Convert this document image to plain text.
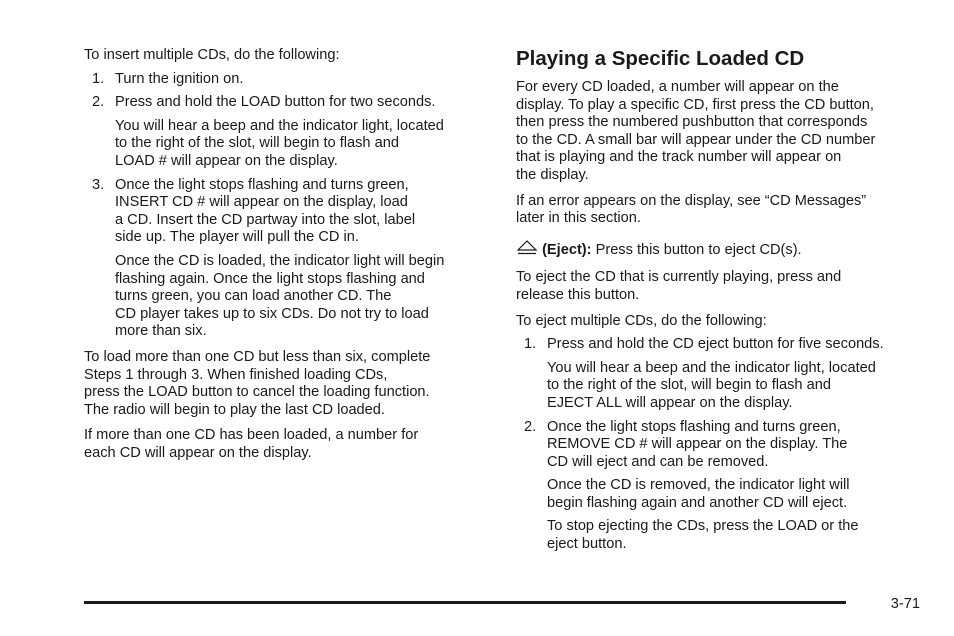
To insert multiple CDs, do the following:

1. Turn the ignition on.
2. Press and hold the LOAD button for two seconds.
You will hear a beep and the indicator light, located
to the right of the slot, will begin to flash and
LOAD # will appear on the display.
3. Once the light stops flashing and turns green,
INSERT CD # will appear on the display, load
a CD. Insert the CD partway into the slot, label
side up. The player will pull the CD in.
Once the CD is loaded, the indicator light will begin
flashing again. Once the light stops flashing and
turns green, you can load another CD. The
CD player takes up to six CDs. Do not try to load
more than six.
To load more than one CD but less than six, complete
Steps 1 through 3. When finished loading CDs,
press the LOAD button to cancel the loading function.
The radio will begin to play the last CD loaded.
If more than one CD has been loaded, a number for
each CD will appear on the display.
Playing a Specific Loaded CD
For every CD loaded, a number will appear on the
display. To play a specific CD, first press the CD button,
then press the numbered pushbutton that corresponds
to the CD. A small bar will appear under the CD number
that is playing and the track number will appear on
the display.
If an error appears on the display, see “CD Messages”
later in this section.
(Eject): Press this button to eject CD(s).
To eject the CD that is currently playing, press and
release this button.

To eject multiple CDs, do the following:

1. Press and hold the CD eject button for five seconds.
You will hear a beep and the indicator light, located
to the right of the slot, will begin to flash and
EJECT ALL will appear on the display.
2. Once the light stops flashing and turns green,
REMOVE CD # will appear on the display. The
CD will eject and can be removed.
Once the CD is removed, the indicator light will
begin flashing again and another CD will eject.
To stop ejecting the CDs, press the LOAD or the
eject button.
3-71
